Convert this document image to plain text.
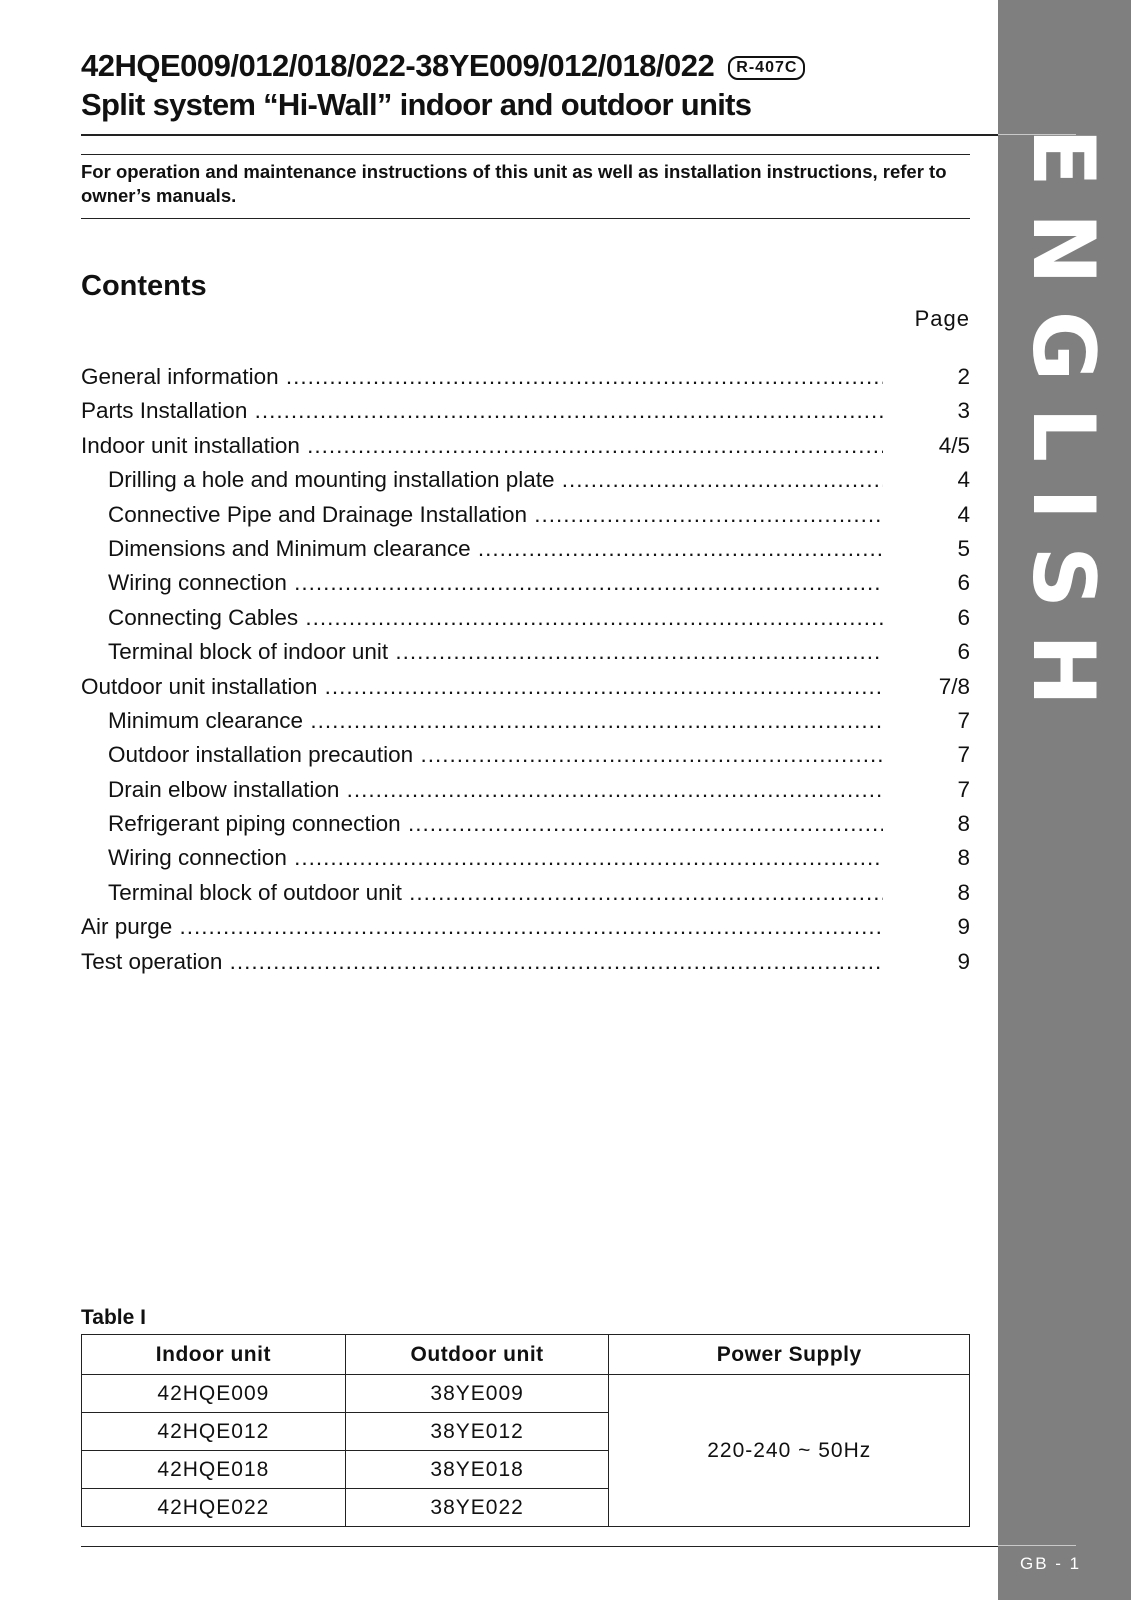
ENGLISH
GB - 1
42HQE009/012/018/022-38YE009/012/018/022 R-407C
Split system “Hi-Wall” indoor and outdoor units
For operation and maintenance instructions of this unit as well as installation instructions, refer to owner’s manuals.
Contents
Page
General information .....	2
Parts Installation .....	3
Indoor unit installation .....	4/5
Drilling a hole and mounting installation plate .....	4
Connective Pipe and Drainage Installation .....	4
Dimensions and Minimum clearance .....	5
Wiring connection .....	6
Connecting Cables .....	6
Terminal block of indoor unit .....	6
Outdoor unit installation .....	7/8
Minimum clearance .....	7
Outdoor installation precaution .....	7
Drain elbow installation .....	7
Refrigerant piping connection .....	8
Wiring connection .....	8
Terminal block of outdoor unit .....	8
Air purge .....	9
Test operation .....	9
Table I
Indoor unit	Outdoor unit	Power Supply
42HQE009	38YE009	220-240 ~ 50Hz
42HQE012	38YE012	
42HQE018	38YE018	
42HQE022	38YE022	
